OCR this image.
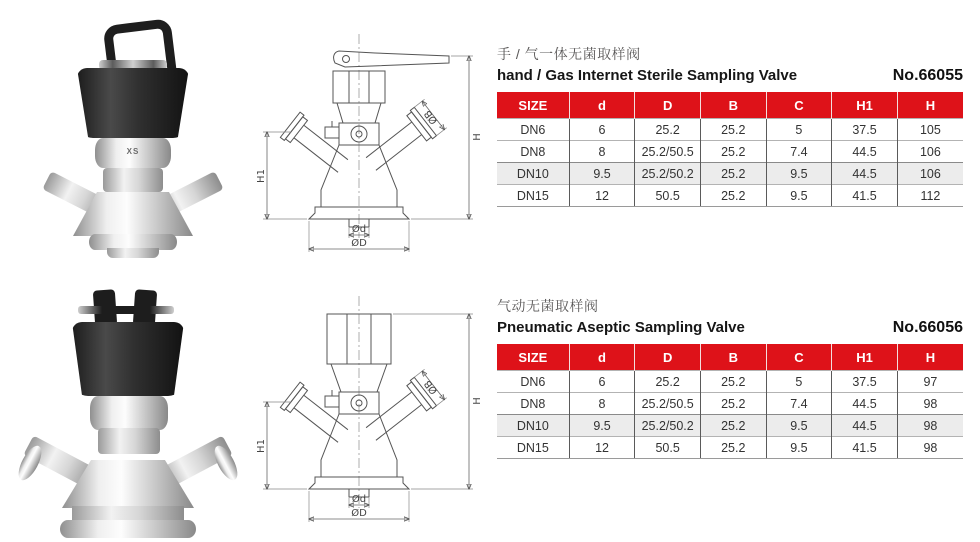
XS
ØB
H
H1
Ød
ØD
ØB
H
H1
Ød
ØD

手 / 气一体无菌取样阀

hand / Gas Internet Sterile Sampling Valve	No.66055

SIZE	d	D	B	C	H1	H
DN6	6	25.2	25.2	5	37.5	105
DN8	8	25.2/50.5	25.2	7.4	44.5	106
DN10	9.5	25.2/50.2	25.2	9.5	44.5	106
DN15	12	50.5	25.2	9.5	41.5	112

气动无菌取样阀

Pneumatic Aseptic Sampling Valve	No.66056

SIZE	d	D	B	C	H1	H
DN6	6	25.2	25.2	5	37.5	97
DN8	8	25.2/50.5	25.2	7.4	44.5	98
DN10	9.5	25.2/50.2	25.2	9.5	44.5	98
DN15	12	50.5	25.2	9.5	41.5	98
